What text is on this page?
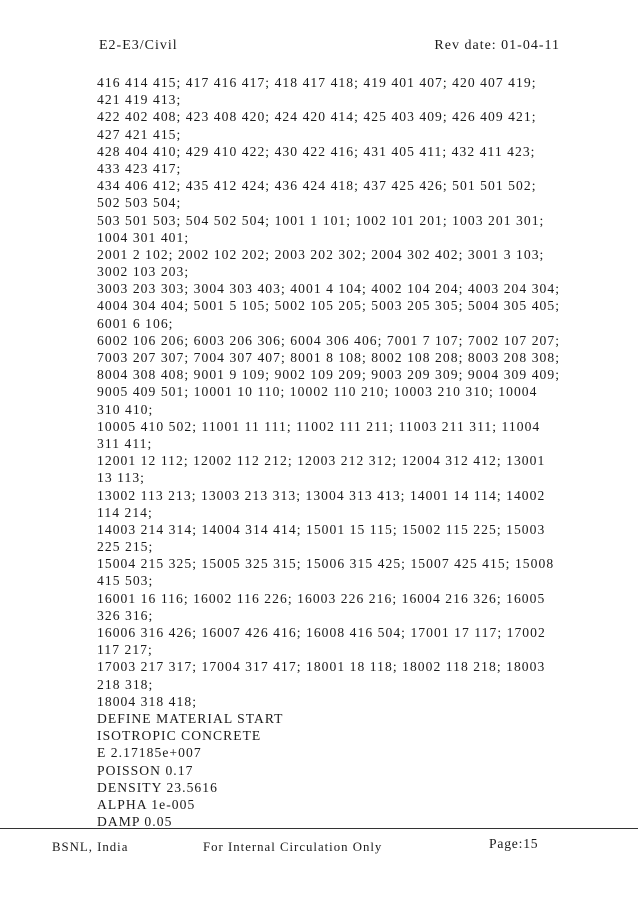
E2-E3/Civil	Rev date: 01-04-11
416 414 415; 417 416 417; 418 417 418; 419 401 407; 420 407 419;
421 419 413;
422 402 408; 423 408 420; 424 420 414; 425 403 409; 426 409 421;
427 421 415;
428 404 410; 429 410 422; 430 422 416; 431 405 411; 432 411 423;
433 423 417;
434 406 412; 435 412 424; 436 424 418; 437 425 426; 501 501 502;
502 503 504;
503 501 503; 504 502 504; 1001 1 101; 1002 101 201; 1003 201 301;
1004 301 401;
2001 2 102; 2002 102 202; 2003 202 302; 2004 302 402; 3001 3 103;
3002 103 203;
3003 203 303; 3004 303 403; 4001 4 104; 4002 104 204; 4003 204 304;
4004 304 404; 5001 5 105; 5002 105 205; 5003 205 305; 5004 305 405;
6001 6 106;
6002 106 206; 6003 206 306; 6004 306 406; 7001 7 107; 7002 107 207;
7003 207 307; 7004 307 407; 8001 8 108; 8002 108 208; 8003 208 308;
8004 308 408; 9001 9 109; 9002 109 209; 9003 209 309; 9004 309 409;
9005 409 501; 10001 10 110; 10002 110 210; 10003 210 310; 10004
310 410;
10005 410 502; 11001 11 111; 11002 111 211; 11003 211 311; 11004
311 411;
12001 12 112; 12002 112 212; 12003 212 312; 12004 312 412; 13001
13 113;
13002 113 213; 13003 213 313; 13004 313 413; 14001 14 114; 14002
114 214;
14003 214 314; 14004 314 414; 15001 15 115; 15002 115 225; 15003
225 215;
15004 215 325; 15005 325 315; 15006 315 425; 15007 425 415; 15008
415 503;
16001 16 116; 16002 116 226; 16003 226 216; 16004 216 326; 16005
326 316;
16006 316 426; 16007 426 416; 16008 416 504; 17001 17 117; 17002
117 217;
17003 217 317; 17004 317 417; 18001 18 118; 18002 118 218; 18003
218 318;
18004 318 418;
DEFINE MATERIAL START
ISOTROPIC CONCRETE
E 2.17185e+007
POISSON 0.17
DENSITY 23.5616
ALPHA 1e-005
DAMP 0.05
BSNL, India	For Internal Circulation Only	Page:15
